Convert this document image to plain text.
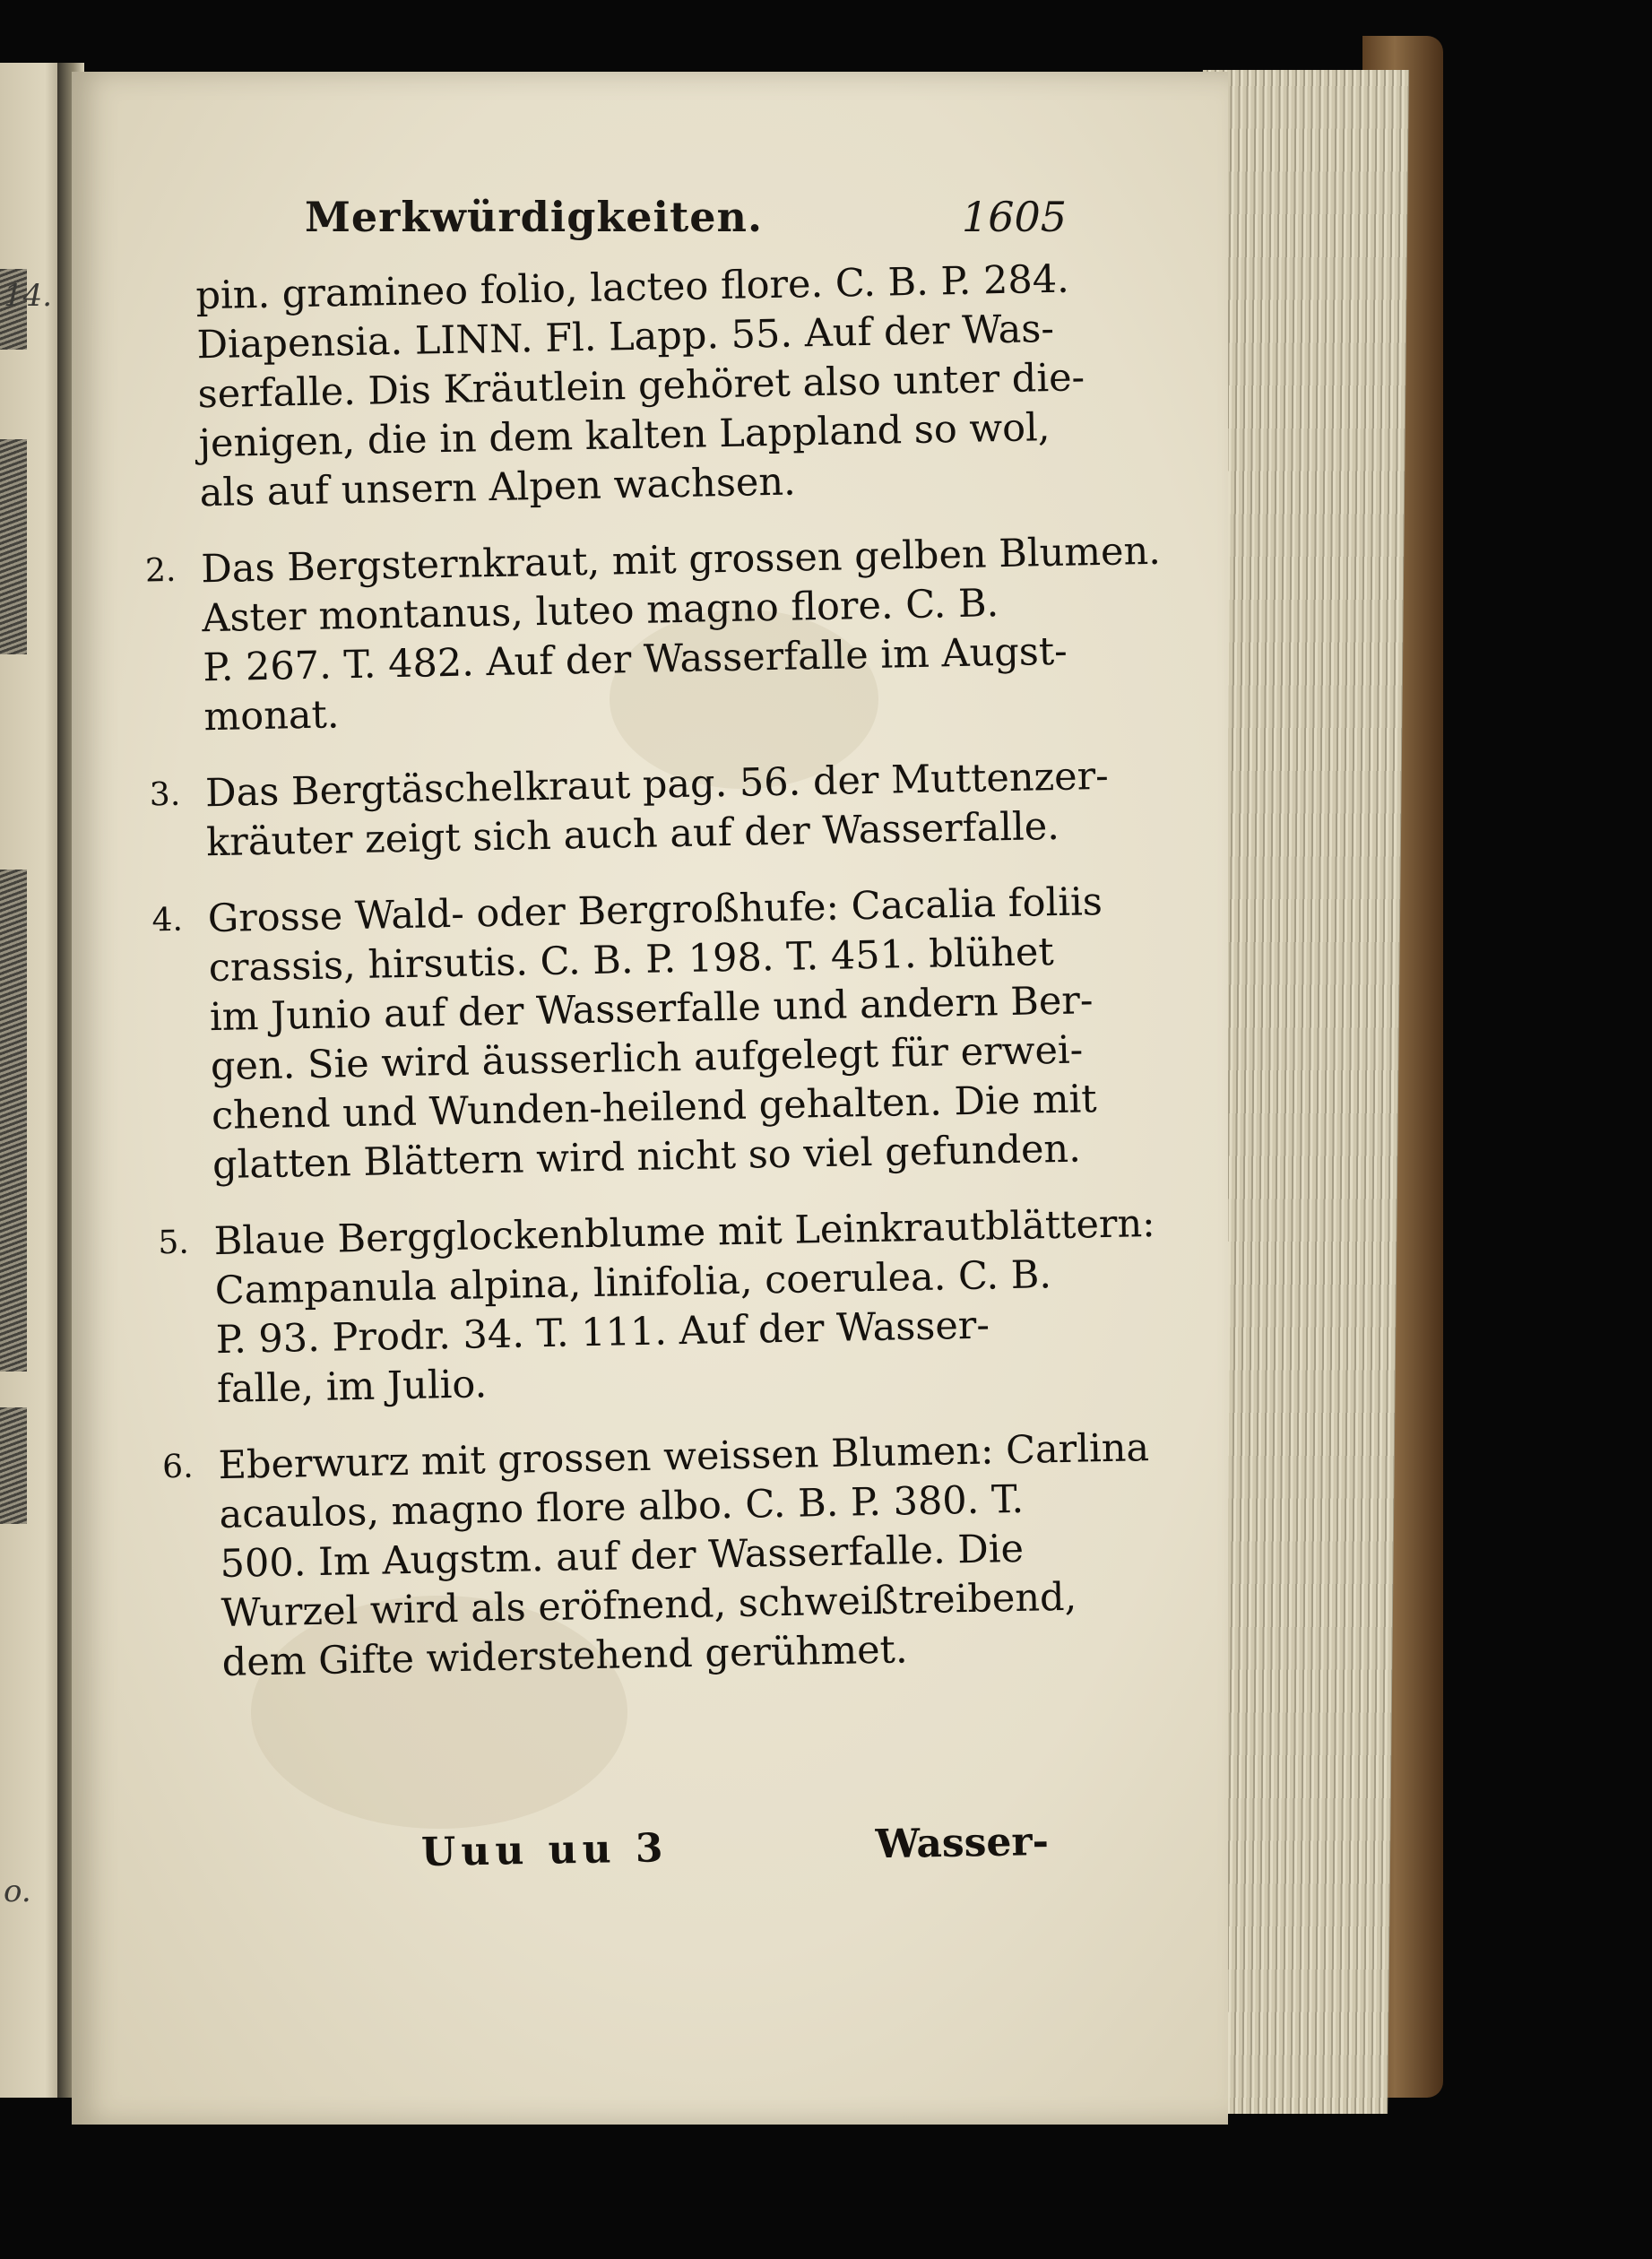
14.
o.
Merkwürdigkeiten.	1605
pin. gramineo folio, lacteo flore. C. B. P. 284.
Diapensia. LINN. Fl. Lapp. 55. Auf der Was-
serfalle. Dis Kräutlein gehöret also unter die-
jenigen, die in dem kalten Lappland so wol,
als auf unsern Alpen wachsen.
2. Das Bergsternkraut, mit grossen gelben Blumen.
Aster montanus, luteo magno flore. C. B.
P. 267. T. 482. Auf der Wasserfalle im Augst-
monat.
3. Das Bergtäschelkraut pag. 56. der Muttenzer-
kräuter zeigt sich auch auf der Wasserfalle.
4. Grosse Wald- oder Bergroßhufe: Cacalia foliis
crassis, hirsutis. C. B. P. 198. T. 451. blühet
im Junio auf der Wasserfalle und andern Ber-
gen. Sie wird äusserlich aufgelegt für erwei-
chend und Wunden-heilend gehalten. Die mit
glatten Blättern wird nicht so viel gefunden.
5. Blaue Bergglockenblume mit Leinkrautblättern:
Campanula alpina, linifolia, coerulea. C. B.
P. 93. Prodr. 34. T. 111. Auf der Wasser-
falle, im Julio.
6. Eberwurz mit grossen weissen Blumen: Carlina
acaulos, magno flore albo. C. B. P. 380. T.
500. Im Augstm. auf der Wasserfalle. Die
Wurzel wird als eröfnend, schweißtreibend,
dem Gifte widerstehend gerühmet.
Uuu uu 3	Wasser-
